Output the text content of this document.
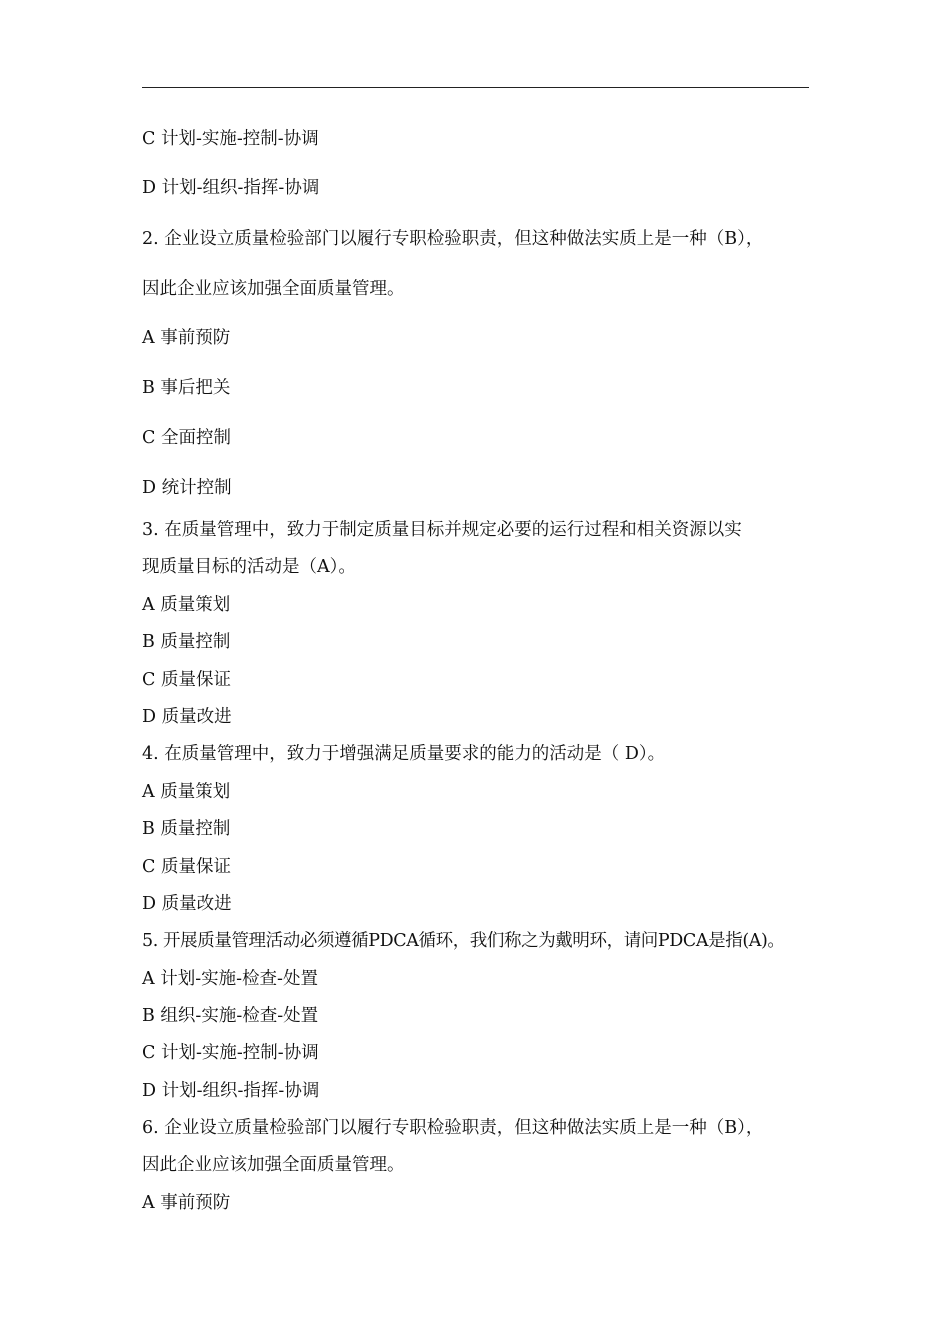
C 计划-实施-控制-协调
D 计划-组织-指挥-协调
2. 企业设立质量检验部门以履行专职检验职责，但这种做法实质上是一种（B），
因此企业应该加强全面质量管理。
A 事前预防
B 事后把关
C 全面控制
D 统计控制
3. 在质量管理中，致力于制定质量目标并规定必要的运行过程和相关资源以实
现质量目标的活动是（A）。
A 质量策划
B 质量控制
C 质量保证
D 质量改进
4. 在质量管理中，致力于增强满足质量要求的能力的活动是（ D）。
A 质量策划
B 质量控制
C 质量保证
D 质量改进
5. 开展质量管理活动必须遵循PDCA循环，我们称之为戴明环，请问PDCA是指(A)。
A 计划-实施-检查-处置
B 组织-实施-检查-处置
C 计划-实施-控制-协调
D 计划-组织-指挥-协调
6. 企业设立质量检验部门以履行专职检验职责，但这种做法实质上是一种（B），
因此企业应该加强全面质量管理。
A 事前预防
